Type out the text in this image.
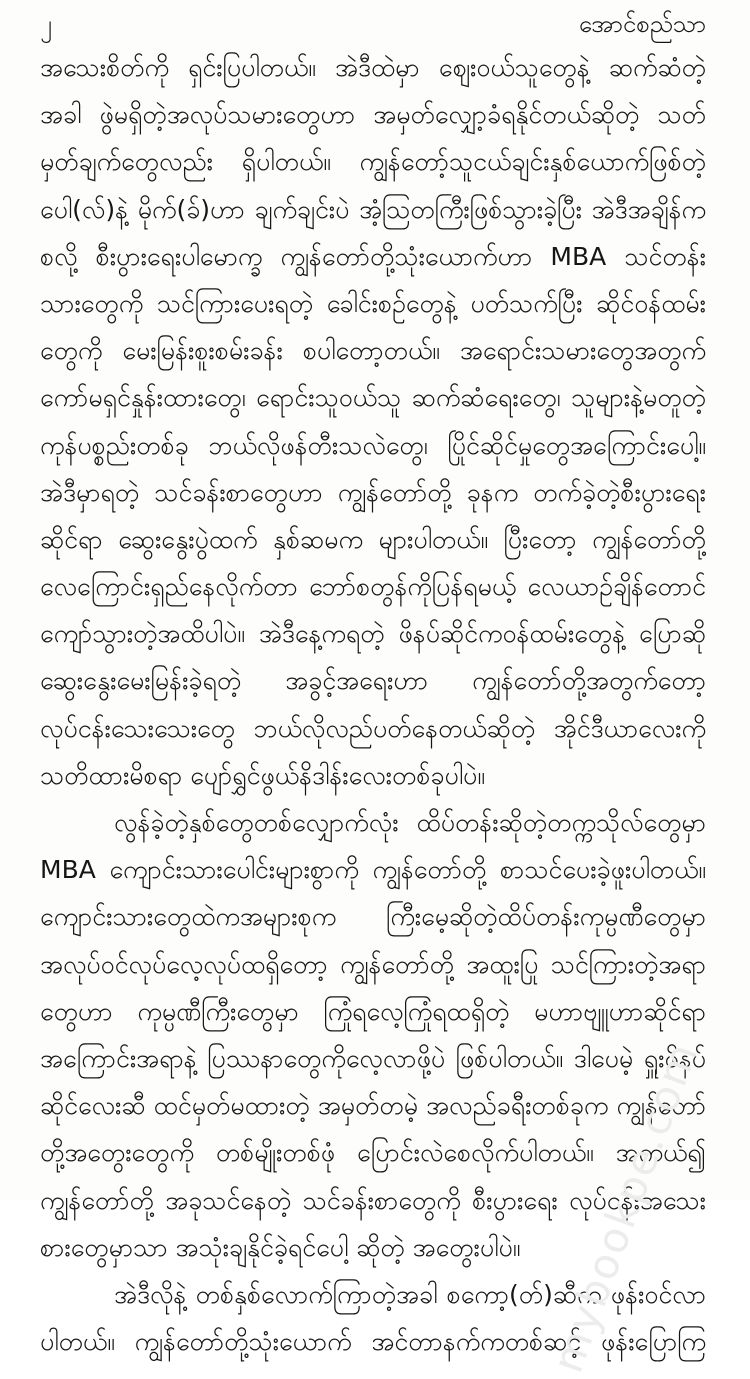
၂	အောင်စည်သာ
အသေးစိတ်ကို ရှင်းပြပါတယ်။ အဲဒီထဲမှာ ဈေးဝယ်သူတွေနဲ့ ဆက်ဆံတဲ့
အခါ ဖွဲမရှိတဲ့အလုပ်သမားတွေဟာ အမှတ်လျှော့ခံရနိုင်တယ်ဆိုတဲ့ သတ်
မှတ်ချက်တွေလည်း ရှိပါတယ်။ ကျွန်တော့်သူငယ်ချင်းနှစ်ယောက်ဖြစ်တဲ့
ပေါ(လ်)နဲ့ မိုက်(ခ်)ဟာ ချက်ချင်းပဲ အံ့သြတကြီးဖြစ်သွားခဲ့ပြီး အဲဒီအချိန်က
စလို့ စီးပွားရေးပါမောက္ခ ကျွန်တော်တို့သုံးယောက်ဟာ MBA သင်တန်း
သားတွေကို သင်ကြားပေးရတဲ့ ခေါင်းစဉ်တွေနဲ့ ပတ်သက်ပြီး ဆိုင်ဝန်ထမ်း
တွေကို မေးမြန်းစူးစမ်းခန်း စပါတော့တယ်။ အရောင်းသမားတွေအတွက်
ကော်မရှင်နှုန်းထားတွေ၊ ရောင်းသူဝယ်သူ ဆက်ဆံရေးတွေ၊ သူများနဲ့မတူတဲ့
ကုန်ပစ္စည်းတစ်ခု ဘယ်လိုဖန်တီးသလဲတွေ၊ ပြိုင်ဆိုင်မှုတွေအကြောင်းပေါ့။
အဲဒီမှာရတဲ့ သင်ခန်းစာတွေဟာ ကျွန်တော်တို့ ခုနက တက်ခဲ့တဲ့စီးပွားရေး
ဆိုင်ရာ ဆွေးနွေးပွဲထက် နှစ်ဆမက များပါတယ်။ ပြီးတော့ ကျွန်တော်တို့
လေကြောင်းရှည်နေလိုက်တာ ဘော်စတွန်ကိုပြန်ရမယ့် လေယာဉ်ချိန်တောင်
ကျော်သွားတဲ့အထိပါပဲ။ အဲဒီနေ့ကရတဲ့ ဖိနပ်ဆိုင်ကဝန်ထမ်းတွေနဲ့ ပြောဆို
ဆွေးနွေးမေးမြန်းခဲ့ရတဲ့ အခွင့်အရေးဟာ ကျွန်တော်တို့အတွက်တော့
လုပ်ငန်းသေးသေးတွေ ဘယ်လိုလည်ပတ်နေတယ်ဆိုတဲ့ အိုင်ဒီယာလေးကို
သတိထားမိစရာ ပျော်ရွှင်ဖွယ်နိဒါန်းလေးတစ်ခုပါပဲ။
လွန်ခဲ့တဲ့နှစ်တွေတစ်လျှောက်လုံး ထိပ်တန်းဆိုတဲ့တက္ကသိုလ်တွေမှာ
MBA ကျောင်းသားပေါင်းများစွာကို ကျွန်တော်တို့ စာသင်ပေးခဲ့ဖူးပါတယ်။
ကျောင်းသားတွေထဲကအများစုက ကြီးမေ့ဆိုတဲ့ထိပ်တန်းကုမ္ပဏီတွေမှာ
အလုပ်ဝင်လုပ်လေ့လုပ်ထရှိတော့ ကျွန်တော်တို့ အထူးပြု သင်ကြားတဲ့အရာ
တွေဟာ ကုမ္ပဏီကြီးတွေမှာ ကြုံရလေ့ကြုံရထရှိတဲ့ မဟာဗျူဟာဆိုင်ရာ
အကြောင်းအရာနဲ့ ပြဿနာတွေကိုလေ့လာဖို့ပဲ ဖြစ်ပါတယ်။ ဒါပေမဲ့ ရှူးဖိနပ်
ဆိုင်လေးဆီ ထင်မှတ်မထားတဲ့ အမှတ်တမဲ့ အလည်ခရီးတစ်ခုက ကျွန်တော်
တို့အတွေးတွေကို တစ်မျိုးတစ်ဖုံ ပြောင်းလဲစေလိုက်ပါတယ်။ အကယ်၍
ကျွန်တော်တို့ အခုသင်နေတဲ့ သင်ခန်းစာတွေကို စီးပွားရေး လုပ်ငန်းအသေး
စားတွေမှာသာ အသုံးချနိုင်ခဲ့ရင်ပေါ့ ဆိုတဲ့ အတွေးပါပဲ။
အဲဒီလိုနဲ့ တစ်နှစ်လောက်ကြာတဲ့အခါ စကော့(တ်)ဆီက ဖုန်းဝင်လာ
ပါတယ်။ ကျွန်တော်တို့သုံးယောက် အင်တာနက်ကတစ်ဆင့် ဖုန်းပြောကြ
mybookpe.com
